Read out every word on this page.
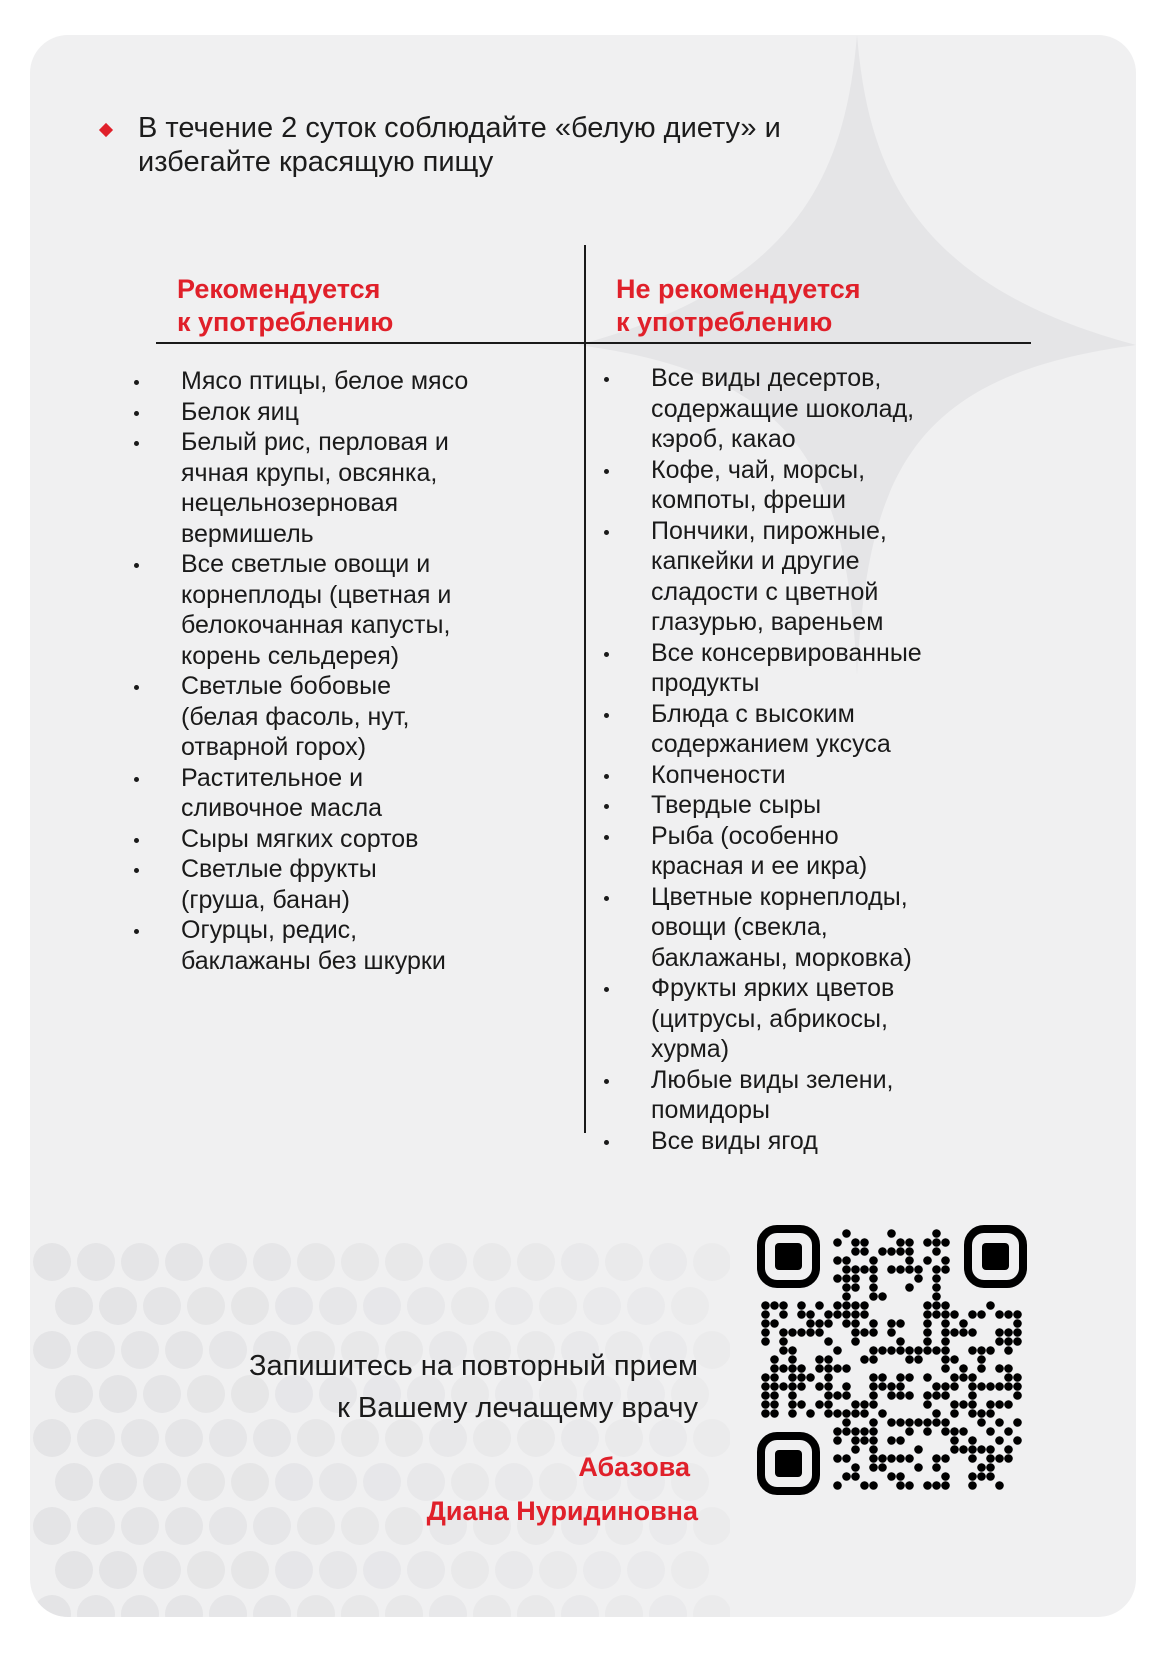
В течение 2 суток соблюдайте «белую диету» и
избегайте красящую пищу
Рекомендуется
к употреблению
Не рекомендуется
к употреблению
Мясо птицы, белое мясо
Белок яиц
Белый рис, перловая и
ячная крупы, овсянка,
нецельнозерновая
вермишель
Все светлые овощи и
корнеплоды (цветная и
белокочанная капусты,
корень сельдерея)
Светлые бобовые
(белая фасоль, нут,
отварной горох)
Растительное и
сливочное масла
Сыры мягких сортов
Светлые фрукты
(груша, банан)
Огурцы, редис,
баклажаны без шкурки
Все виды десертов,
содержащие шоколад,
кэроб, какао
Кофе, чай, морсы,
компоты, фреши
Пончики, пирожные,
капкейки и другие
сладости с цветной
глазурью, вареньем
Все консервированные
продукты
Блюда с высоким
содержанием уксуса
Копчености
Твердые сыры
Рыба (особенно
красная и ее икра)
Цветные корнеплоды,
овощи (свекла,
баклажаны, морковка)
Фрукты ярких цветов
(цитрусы, абрикосы,
хурма)
Любые виды зелени,
помидоры
Все виды ягод
Запишитесь на повторный прием
к Вашему лечащему врачу
Абазова
Диана Нуридиновна
